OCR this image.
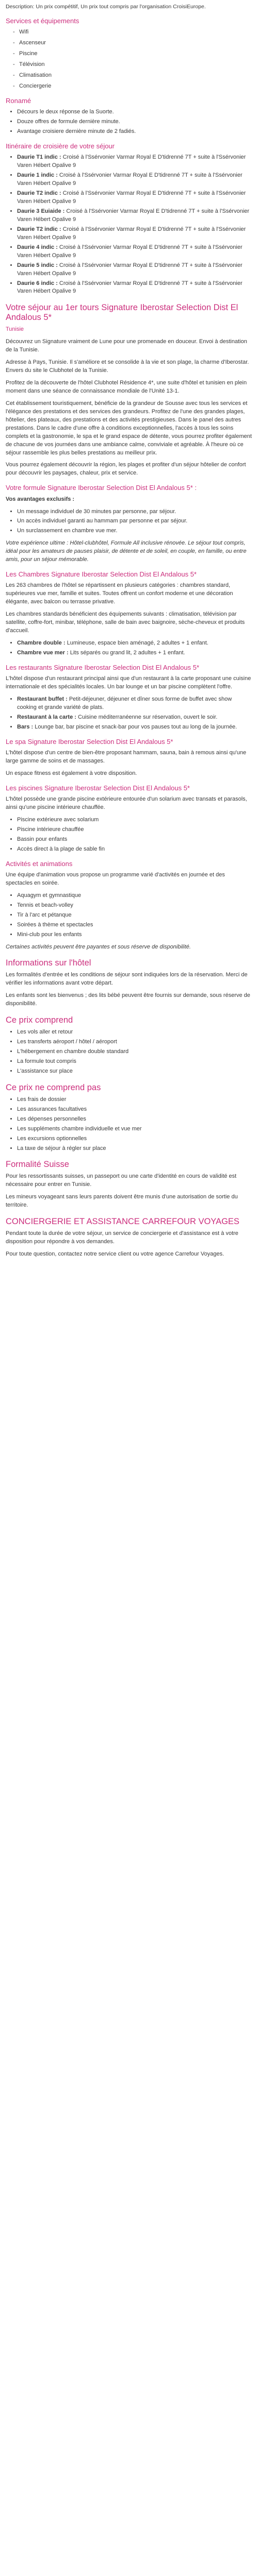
Description: Un prix compétitif, Un prix tout compris par l'organisation CroisiEurope.

Services et équipements
- Wifi
- Ascenseur
- Piscine
- Télévision
- Climatisation
- Conciergerie
Ronamé
• Décours le deux réponse de la Suorte.
• Douze offres de formule dernière minute.
• Avantage croisiere dernière minute de 2 fadiés.
Itinéraire de croisière de votre séjour
• Daurie T1 indic : Croisé à l'Ssérvonier Varmar Royal E D'tidrenné 7T + suite à l'Ssérvonier Varen Hébert Opalive 9
• Daurie 1 indic : Croisé à l'Ssérvonier Varmar Royal E D'tidrenné 7T + suite à l'Ssérvonier Varen Hébert Opalive 9
• Daurie T2 indic : Croisé à l'Ssérvonier Varmar Royal E D'tidrenné 7T + suite à l'Ssérvonier Varen Hébert Opalive 9
• Daurie 3 Euiaide : Croisé à l'Ssérvonier Varmar Royal E D'tidrenné 7T + suite à l'Ssérvonier Varen Hébert Opalive 9
• Daurie T2 indic : Croisé à l'Ssérvonier Varmar Royal E D'tidrenné 7T + suite à l'Ssérvonier Varen Hébert Opalive 9
• Daurie 4 indic : Croisé à l'Ssérvonier Varmar Royal E D'tidrenné 7T + suite à l'Ssérvonier Varen Hébert Opalive 9
• Daurie 5 indic : Croisé à l'Ssérvonier Varmar Royal E D'tidrenné 7T + suite à l'Ssérvonier Varen Hébert Opalive 9
• Daurie 6 indic : Croisé à l'Ssérvonier Varmar Royal E D'tidrenné 7T + suite à l'Ssérvonier Varen Hébert Opalive 9
Votre séjour au 1er tours Signature Iberostar Selection Dist El Andalous 5*

Tunisie

Découvrez un Signature vraiment de Lune pour une promenade en douceur. Envoi à destination de la Tunisie.

Adresse à Pays, Tunisie. Il s'améliore et se consolide à la vie et son plage, la charme d'Iberostar. Envers du site le Clubhotel de la Tunisie.

Profitez de la découverte de l'hôtel Clubhotel Résidence 4*, une suite d'hôtel et tunisien en plein moment dans une séance de connaissance mondiale de l'Unité 13-1.

Cet établissement touristiquement, bénéficie de la grandeur de Sousse avec tous les services et l'élégance des prestations et des services des grandeurs. Profitez de l'une des grandes plages, hôtelier, des plateaux, des prestations et des activités prestigieuses. Dans le panel des autres prestations. Dans le cadre d'une offre à conditions exceptionnelles, l'accès à tous les soins complets et la gastronomie, le spa et le grand espace de détente, vous pourrez profiter également de chacune de vos journées dans une ambiance calme, conviviale et agréable. À l'heure où ce séjour rassemble les plus belles prestations au meilleur prix.

Vous pourrez également découvrir la région, les plages et profiter d'un séjour hôtelier de confort pour découvrir les paysages, chaleur, prix et service.

Votre formule Signature Iberostar Selection Dist El Andalous 5* :

Vos avantages exclusifs :

• Un message individuel de 30 minutes par personne, par séjour.
• Un accès individuel garanti au hammam par personne et par séjour.
• Un surclassement en chambre vue mer.

Votre expérience ultime : Hôtel-clubhôtel, Formule All inclusive rénovée. Le séjour tout compris, idéal pour les amateurs de pauses plaisir, de détente et de soleil, en couple, en famille, ou entre amis, pour un séjour mémorable.

Les Chambres Signature Iberostar Selection Dist El Andalous 5*

Les 263 chambres de l'hôtel se répartissent en plusieurs catégories : chambres standard, supérieures vue mer, famille et suites. Toutes offrent un confort moderne et une décoration élégante, avec balcon ou terrasse privative.

Les chambres standards bénéficient des équipements suivants : climatisation, télévision par satellite, coffre-fort, minibar, téléphone, salle de bain avec baignoire, sèche-cheveux et produits d'accueil.

• Chambre double : Lumineuse, espace bien aménagé, 2 adultes + 1 enfant.
• Chambre vue mer : Lits séparés ou grand lit, 2 adultes + 1 enfant.
Les restaurants Signature Iberostar Selection Dist El Andalous 5*

L'hôtel dispose d'un restaurant principal ainsi que d'un restaurant à la carte proposant une cuisine internationale et des spécialités locales. Un bar lounge et un bar piscine complètent l'offre.

• Restaurant buffet : Petit-déjeuner, déjeuner et dîner sous forme de buffet avec show cooking et grande variété de plats.
• Restaurant à la carte : Cuisine méditerranéenne sur réservation, ouvert le soir.
• Bars : Lounge bar, bar piscine et snack-bar pour vos pauses tout au long de la journée.
Le spa Signature Iberostar Selection Dist El Andalous 5*

L'hôtel dispose d'un centre de bien-être proposant hammam, sauna, bain à remous ainsi qu'une large gamme de soins et de massages.

Un espace fitness est également à votre disposition.

Les piscines Signature Iberostar Selection Dist El Andalous 5*

L'hôtel possède une grande piscine extérieure entourée d'un solarium avec transats et parasols, ainsi qu'une piscine intérieure chauffée.

• Piscine extérieure avec solarium
• Piscine intérieure chauffée
• Bassin pour enfants
• Accès direct à la plage de sable fin
Activités et animations

Une équipe d'animation vous propose un programme varié d'activités en journée et des spectacles en soirée.

• Aquagym et gymnastique
• Tennis et beach-volley
• Tir à l'arc et pétanque
• Soirées à thème et spectacles
• Mini-club pour les enfants

Certaines activités peuvent être payantes et sous réserve de disponibilité.

Informations sur l'hôtel

Les formalités d'entrée et les conditions de séjour sont indiquées lors de la réservation. Merci de vérifier les informations avant votre départ.

Les enfants sont les bienvenus ; des lits bébé peuvent être fournis sur demande, sous réserve de disponibilité.

Ce prix comprend
• Les vols aller et retour
• Les transferts aéroport / hôtel / aéroport
• L'hébergement en chambre double standard
• La formule tout compris
• L'assistance sur place
Ce prix ne comprend pas
• Les frais de dossier
• Les assurances facultatives
• Les dépenses personnelles
• Les suppléments chambre individuelle et vue mer
• Les excursions optionnelles
• La taxe de séjour à régler sur place
Formalité Suisse

Pour les ressortissants suisses, un passeport ou une carte d'identité en cours de validité est nécessaire pour entrer en Tunisie.

Les mineurs voyageant sans leurs parents doivent être munis d'une autorisation de sortie du territoire.

CONCIERGERIE ET ASSISTANCE CARREFOUR VOYAGES

Pendant toute la durée de votre séjour, un service de conciergerie et d'assistance est à votre disposition pour répondre à vos demandes.

Pour toute question, contactez notre service client ou votre agence Carrefour Voyages.
